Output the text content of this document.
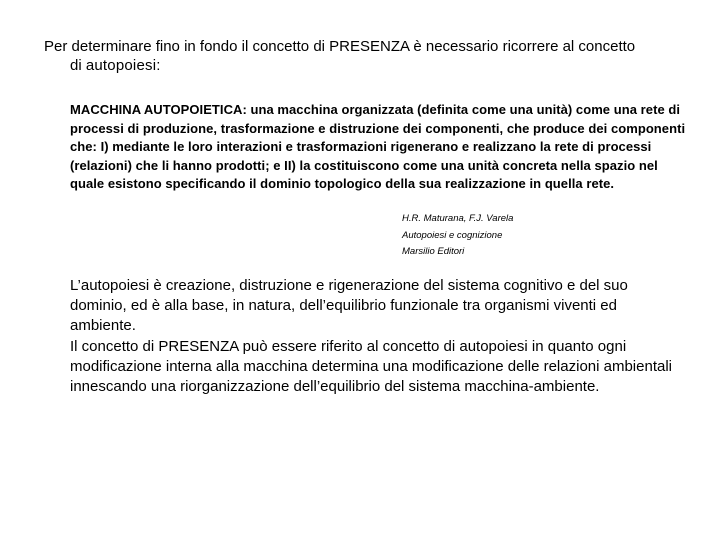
Per determinare fino in fondo il concetto di PRESENZA è necessario ricorrere al concetto
di autopoiesi:
MACCHINA AUTOPOIETICA: una macchina organizzata (definita come una unità) come una rete di processi di produzione, trasformazione e distruzione dei componenti, che produce dei componenti che: I) mediante le loro interazioni e trasformazioni rigenerano e realizzano la rete di processi (relazioni) che li hanno prodotti; e II) la costituiscono come una unità concreta nella spazio nel quale esistono specificando il dominio topologico della sua realizzazione in quella rete.
H.R. Maturana, F.J. Varela
Autopoiesi e cognizione
Marsilio Editori

L’autopoiesi è creazione, distruzione e rigenerazione del sistema cognitivo e del suo dominio, ed è alla base, in natura, dell’equilibrio funzionale tra organismi viventi ed ambiente.

Il concetto di PRESENZA può essere riferito al concetto di autopoiesi in quanto ogni modificazione interna alla macchina determina una modificazione delle relazioni ambientali innescando una riorganizzazione dell’equilibrio del sistema macchina-ambiente.
